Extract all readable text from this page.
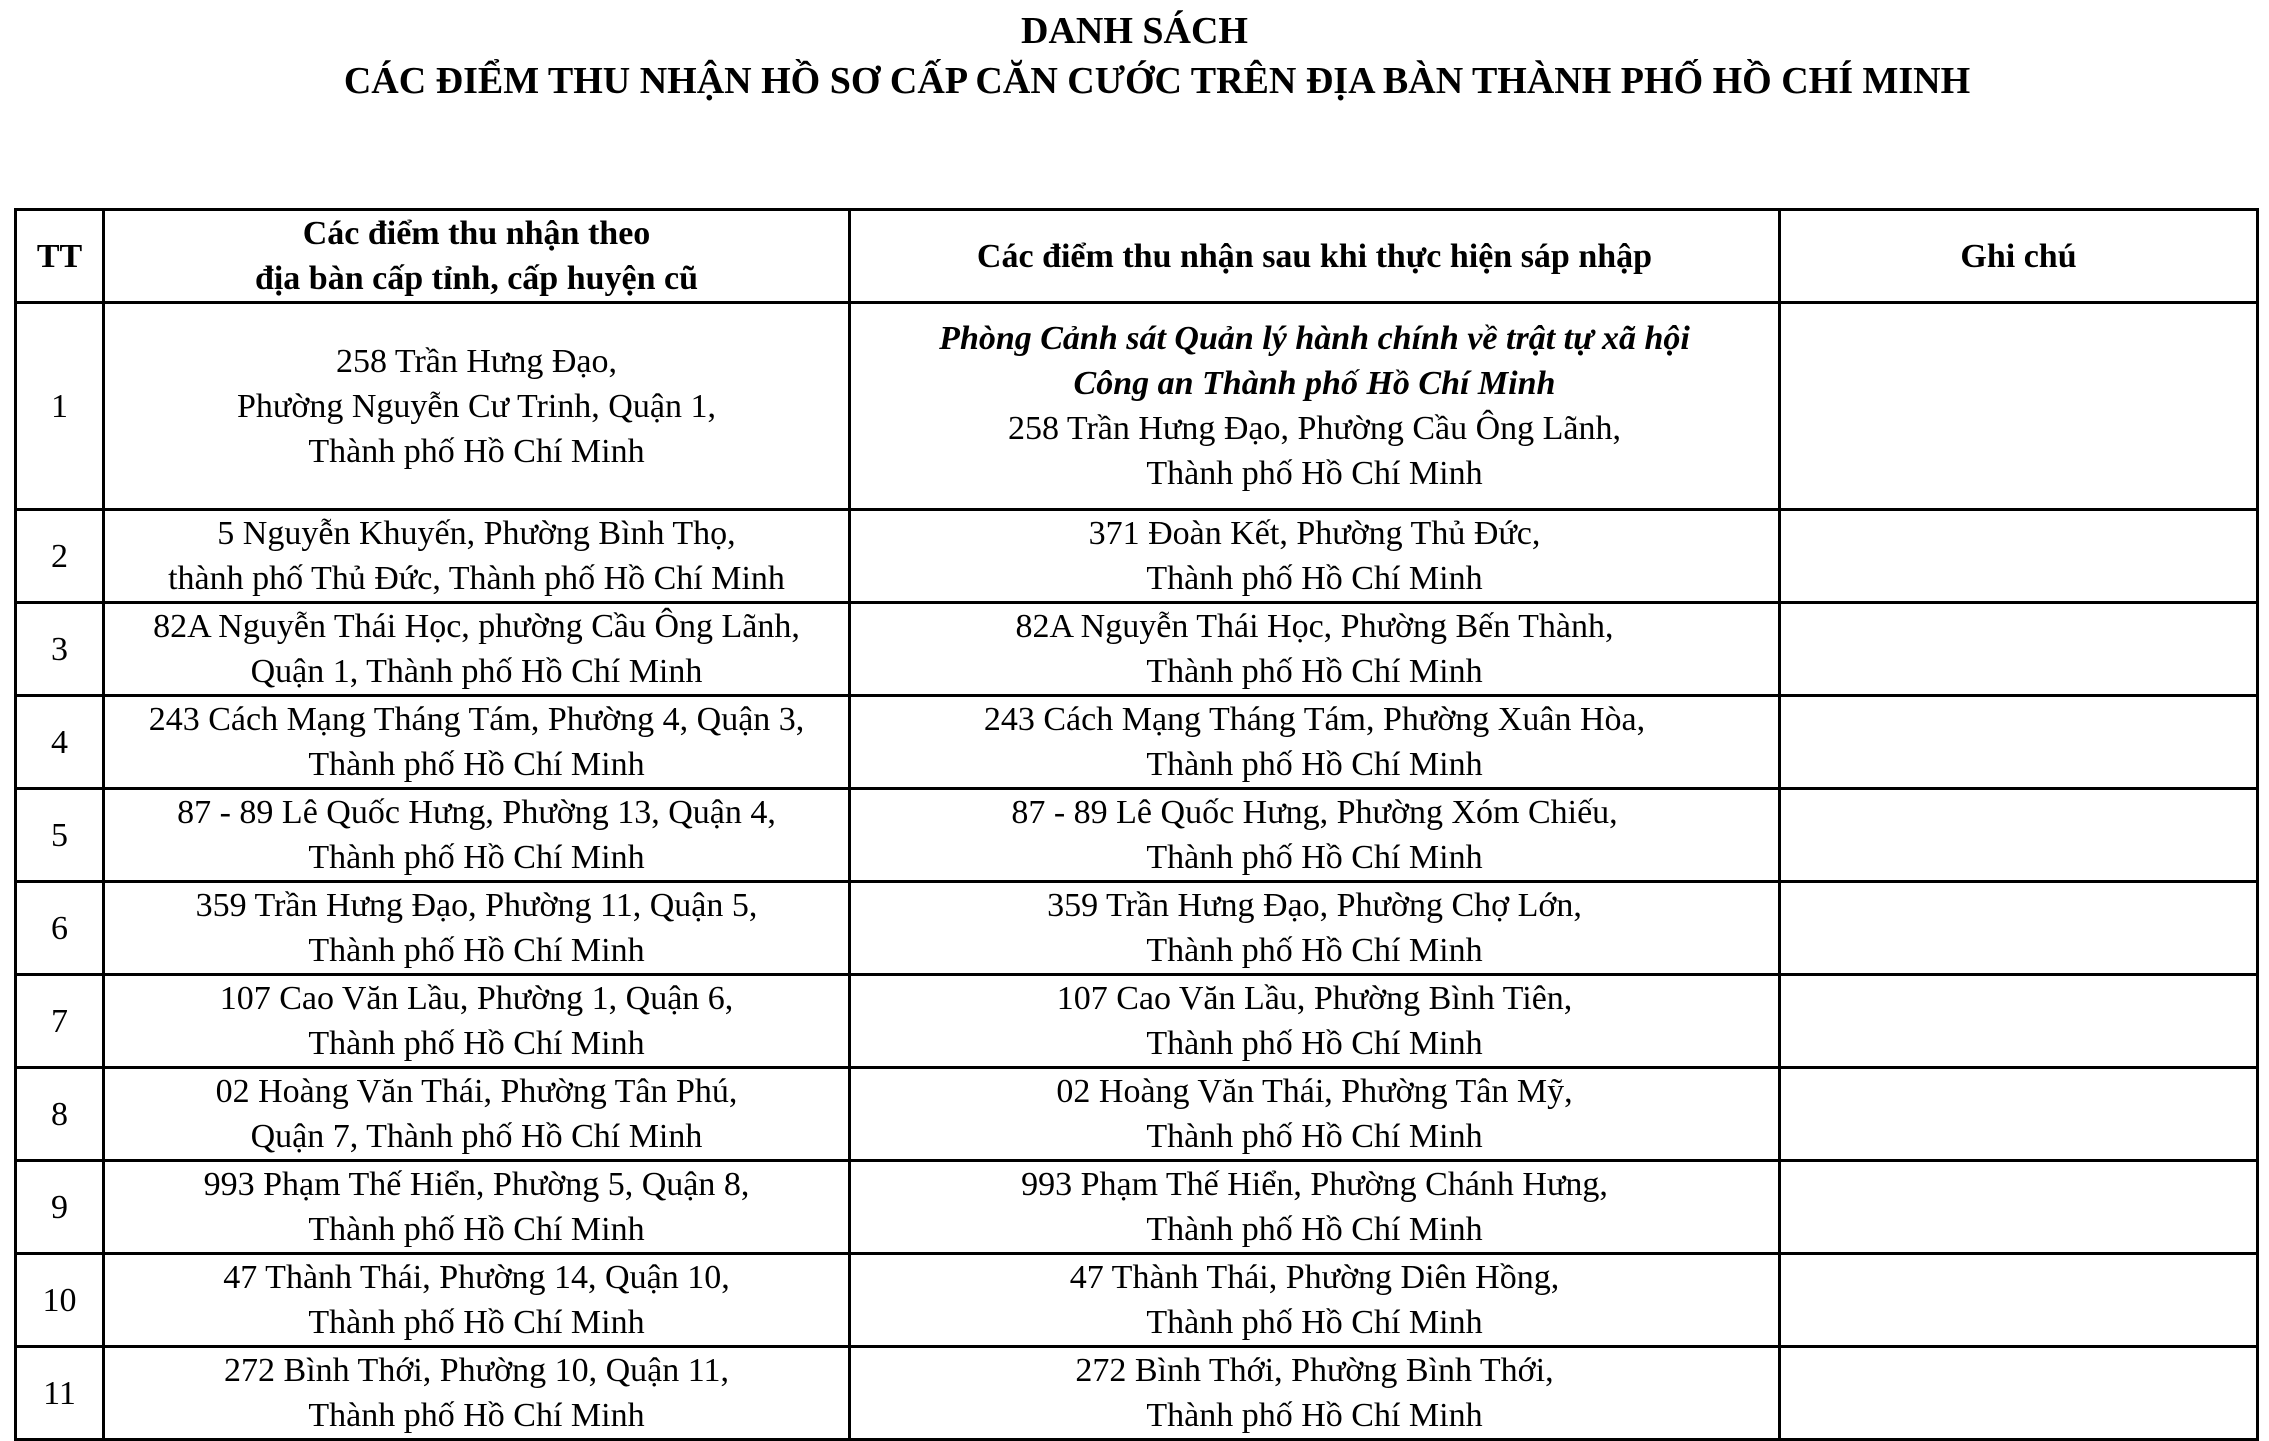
DANH SÁCH

CÁC ĐIỂM THU NHẬN HỒ SƠ CẤP CĂN CƯỚC TRÊN ĐỊA BÀN THÀNH PHỐ HỒ CHÍ MINH

TT	Các điểm thu nhận theo
địa bàn cấp tỉnh, cấp huyện cũ	Các điểm thu nhận sau khi thực hiện sáp nhập	Ghi chú
1	258 Trần Hưng Đạo,
Phường Nguyễn Cư Trinh, Quận 1,
Thành phố Hồ Chí Minh	Phòng Cảnh sát Quản lý hành chính về trật tự xã hội
Công an Thành phố Hồ Chí Minh
258 Trần Hưng Đạo, Phường Cầu Ông Lãnh,
Thành phố Hồ Chí Minh	

2	5 Nguyễn Khuyến, Phường Bình Thọ,
thành phố Thủ Đức, Thành phố Hồ Chí Minh	371 Đoàn Kết, Phường Thủ Đức,
Thành phố Hồ Chí Minh	

3	82A Nguyễn Thái Học, phường Cầu Ông Lãnh,
Quận 1, Thành phố Hồ Chí Minh	82A Nguyễn Thái Học, Phường Bến Thành,
Thành phố Hồ Chí Minh	

4	243 Cách Mạng Tháng Tám, Phường 4, Quận 3,
Thành phố Hồ Chí Minh	243 Cách Mạng Tháng Tám, Phường Xuân Hòa,
Thành phố Hồ Chí Minh	

5	87 - 89 Lê Quốc Hưng, Phường 13, Quận 4,
Thành phố Hồ Chí Minh	87 - 89 Lê Quốc Hưng, Phường Xóm Chiếu,
Thành phố Hồ Chí Minh	

6	359 Trần Hưng Đạo, Phường 11, Quận 5,
Thành phố Hồ Chí Minh	359 Trần Hưng Đạo, Phường Chợ Lớn,
Thành phố Hồ Chí Minh	

7	107 Cao Văn Lầu, Phường 1, Quận 6,
Thành phố Hồ Chí Minh	107 Cao Văn Lầu, Phường Bình Tiên,
Thành phố Hồ Chí Minh	

8	02 Hoàng Văn Thái, Phường Tân Phú,
Quận 7, Thành phố Hồ Chí Minh	02 Hoàng Văn Thái, Phường Tân Mỹ,
Thành phố Hồ Chí Minh	

9	993 Phạm Thế Hiển, Phường 5, Quận 8,
Thành phố Hồ Chí Minh	993 Phạm Thế Hiển, Phường Chánh Hưng,
Thành phố Hồ Chí Minh	

10	47 Thành Thái, Phường 14, Quận 10,
Thành phố Hồ Chí Minh	47 Thành Thái, Phường Diên Hồng,
Thành phố Hồ Chí Minh	

11	272 Bình Thới, Phường 10, Quận 11,
Thành phố Hồ Chí Minh	272 Bình Thới, Phường Bình Thới,
Thành phố Hồ Chí Minh	
